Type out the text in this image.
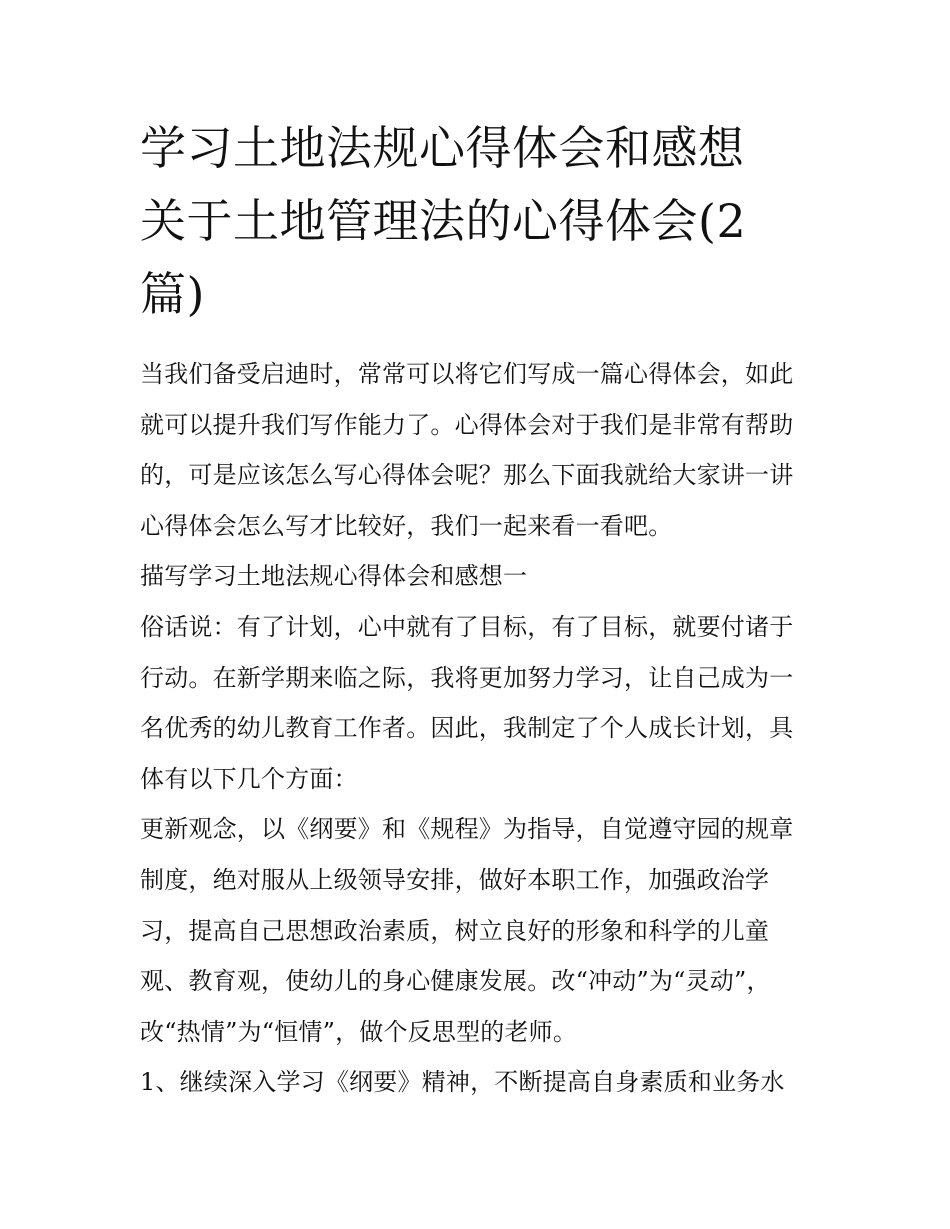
学习土地法规心得体会和感想
关于土地管理法的心得体会(2
篇)
当我们备受启迪时，常常可以将它们写成一篇心得体会，如此
就可以提升我们写作能力了。心得体会对于我们是非常有帮助
的，可是应该怎么写心得体会呢？那么下面我就给大家讲一讲
心得体会怎么写才比较好，我们一起来看一看吧。
描写学习土地法规心得体会和感想一
俗话说：有了计划，心中就有了目标，有了目标，就要付诸于
行动。在新学期来临之际，我将更加努力学习，让自己成为一
名优秀的幼儿教育工作者。因此，我制定了个人成长计划，具
体有以下几个方面：
更新观念，以《纲要》和《规程》为指导，自觉遵守园的规章
制度，绝对服从上级领导安排，做好本职工作，加强政治学
习，提高自己思想政治素质，树立良好的形象和科学的儿童
观、教育观，使幼儿的身心健康发展。改“冲动”为“灵动”，
改“热情”为“恒情”，做个反思型的老师。
1、继续深入学习《纲要》精神，不断提高自身素质和业务水
